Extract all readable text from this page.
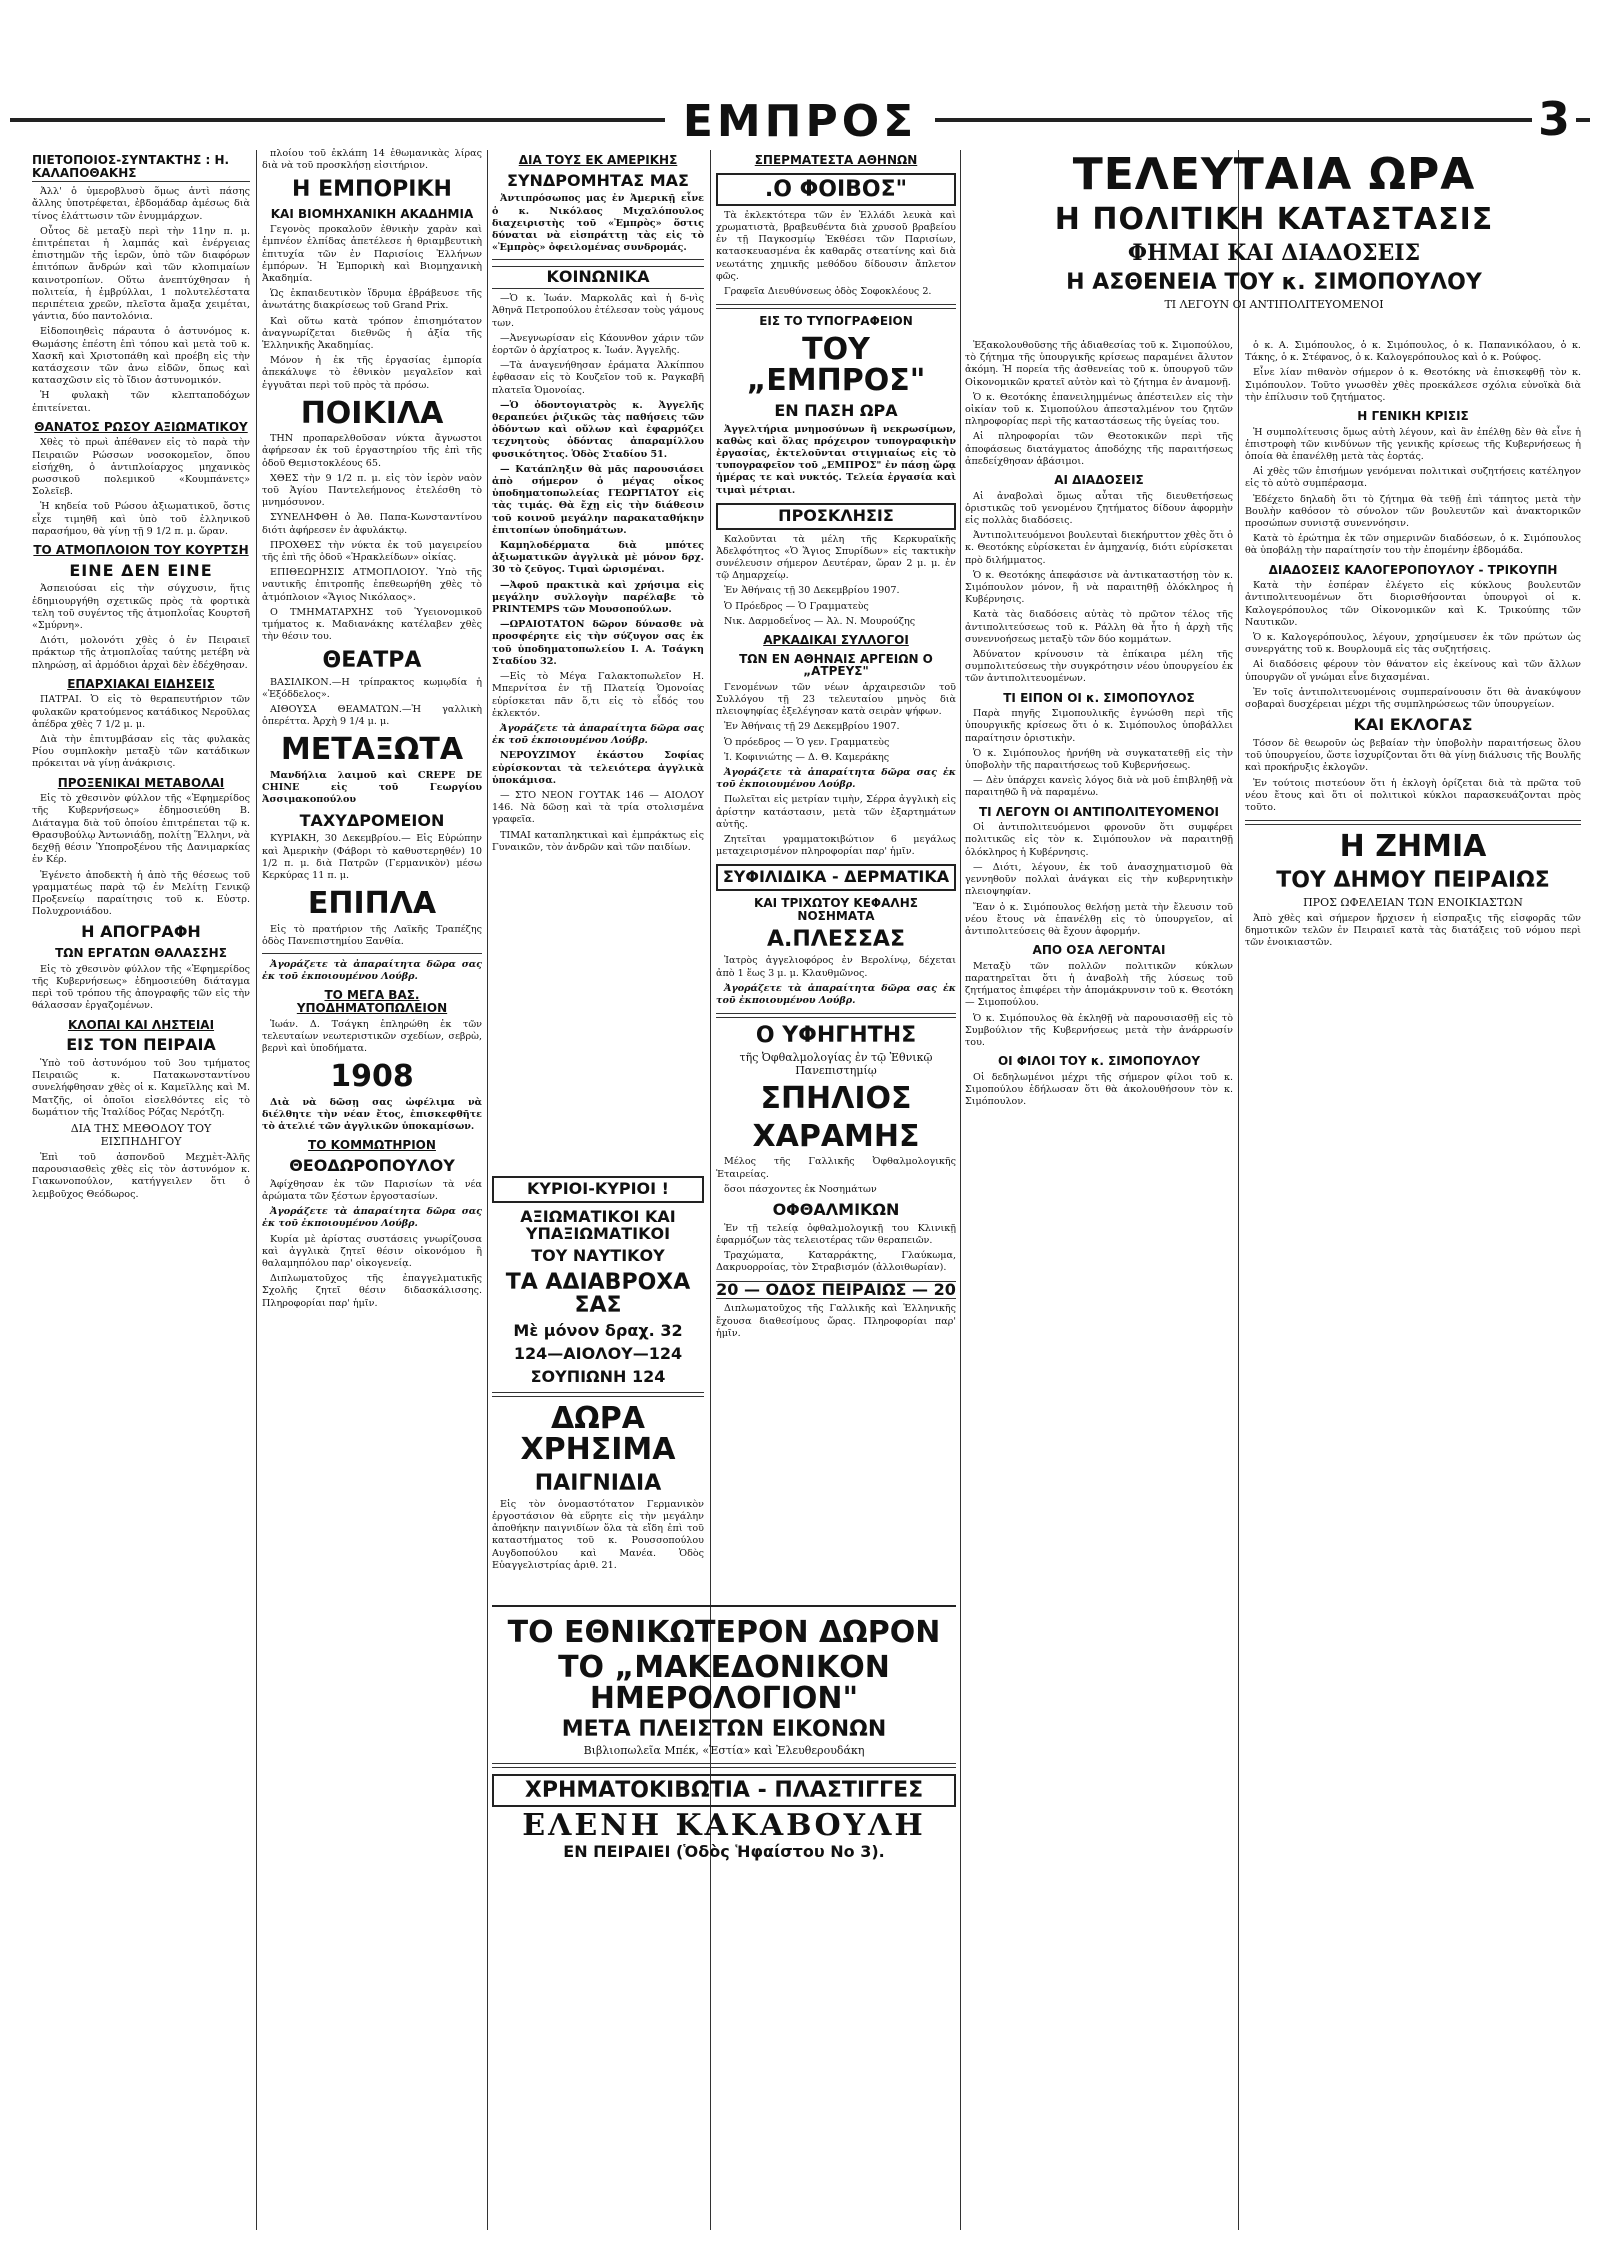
ΕΜΠΡΟΣ	3
ΠΙΕΤΟΠΟΙΟΣ-ΣΥΝΤΑΚΤΗΣ : Η. ΚΑΛΑΠΟΘΑΚΗΣ

Ἀλλ' ὁ ὑμεροβλυσὺ ὅμως ἀντὶ πάσης ἄλλης ὑποτρέφεται, ἐβδομάδαρ ἀμέσως διὰ τίνος ἐλάττωσιν τῶν ἐνυμμάρχων.

Οὗτος δὲ μεταξὺ περὶ τὴν 11ην π. μ. ἐπιτρέπεται ἡ λαμπάς καὶ ἐνέργειας ἐπιστημῶν τῆς ἱερῶν, ὑπὸ τῶν διαφόρων ἐπιτόπων ἄνδρών καὶ τῶν κλοπιμαίων καινοτροπίων. Οὕτω ἀνεπτύχθησαν ἡ πολιτεία, ἡ ἐμβρύλλαι, 1 πολυτελέστατα περιπέτεια χρεῶν, πλεῖστα ἄμαξα χειμέται, γάντια, δύο παντολόνια.

Εἰδοποιηθεὶς πάραυτα ὁ ἀστυνόμος κ. Θωμάσης ἐπέστη ἐπὶ τόπου καὶ μετὰ τοῦ κ. Χασκῆ καὶ Χριστοπάθη καὶ προέβη εἰς τὴν κατάσχεσιν τῶν ἀνω εἰδῶν, ὅπως καὶ κατασχῶσιν εἰς τὸ ἴδιον ἀστυνομικόν.

Ἡ φυλακὴ τῶν κλεπταποδόχων ἐπιτείνεται.

ΘΑΝΑΤΟΣ ΡΩΣΟΥ ΑΞΙΩΜΑΤΙΚΟΥ

Χθὲς τὸ πρωὶ ἀπέθανεν εἰς τὸ παρὰ τὴν Πειραιῶν Ρώσσων νοσοκομεῖον, ὅπου εἰσήχθη, ὁ ἀντιπλοίαρχος μηχανικὸς ρωσσικοῦ πολεμικοῦ «Κουμπάνετς» Σολεῖεβ.

Ἡ κηδεία τοῦ Ρώσου ἀξιωματικοῦ, ὅστις εἶχε τιμηθῆ καὶ ὑπὸ τοῦ ἑλληνικοῦ παρασήμου, θὰ γίνῃ τῇ 9 1/2 π. μ. ὥραν.

ΤΟ ΑΤΜΟΠΛΟΙΟΝ ΤΟΥ ΚΟΥΡΤΣΗ
ΕΙΝΕ ΔΕΝ ΕΙΝΕ

Ἀσπειούσαι εἰς τὴν σύγχυσιν, ἥτις ἐδημιουργήθη σχετικῶς πρὸς τὰ φορτικὰ τελη τοῦ συγέντος τῆς ἀτμοπλοΐας Κουρτσῆ «Σμύρνη».

Διότι, μολονότι χθὲς ὁ ἐν Πειραιεῖ πράκτωρ τῆς ἀτμοπλοΐας ταύτης μετέβη νὰ πληρώσῃ, αἱ ἀρμόδιοι ἀρχαὶ δὲν ἐδέχθησαν.

ΕΠΑΡΧΙΑΚΑΙ ΕΙΔΗΣΕΙΣ

ΠΑΤΡΑΙ. Ὁ εἰς τὸ θεραπευτήριον τῶν φυλακῶν κρατούμενος κατάδικος Νεροῦλας ἀπέδρα χθὲς 7 1/2 μ. μ.

Διὰ τὴν ἐπιτυμβάσαν εἰς τὰς φυλακὰς Ρίου συμπλοκὴν μεταξὺ τῶν κατάδικων πρόκειται νὰ γίνῃ ἀνάκρισις.

ΠΡΟΞΕΝΙΚΑΙ ΜΕΤΑΒΟΛΑΙ

Εἰς τὸ χθεσινὸν φύλλον τῆς «Ἐφημερίδος τῆς Κυβερνήσεως» ἐδημοσιεύθη Β. Διάταγμα διὰ τοῦ ὁποίου ἐπιτρέπεται τῷ κ. Θρασυβούλῳ Ἀντωνιάδῃ, πολίτῃ Ἕλληνι, νὰ δεχθῇ θέσιν Ὑποπροξένου τῆς Δανιμαρκίας ἐν Κέρ.

Ἐγένετο ἀποδεκτὴ ἡ ἀπὸ τῆς θέσεως τοῦ γραμματέως παρὰ τῷ ἐν Μελίτῃ Γενικῷ Προξενείῳ παραίτησις τοῦ κ. Εὐστρ. Πολυχρονιάδου.

Η ΑΠΟΓΡΑΦΗ
ΤΩΝ ΕΡΓΑΤΩΝ ΘΑΛΑΣΣΗΣ

Εἰς τὸ χθεσινὸν φύλλον τῆς «Ἐφημερίδος τῆς Κυβερνήσεως» ἐδημοσιεύθη διάταγμα περὶ τοῦ τρόπου τῆς ἀπογραφῆς τῶν εἰς τὴν θάλασσαν ἐργαζομένων.

ΚΛΟΠΑΙ ΚΑΙ ΛΗΣΤΕΙΑΙ
ΕΙΣ ΤΟΝ ΠΕΙΡΑΙΑ

Ὑπὸ τοῦ ἀστυνόμου τοῦ 3ου τμήματος Πειραιῶς κ. Πατακωνσταντίνου συνελήφθησαν χθὲς οἱ κ. Καμεῖλλης καὶ Μ. Ματζῆς, οἱ ὁποῖοι εἰσελθόντες εἰς τὸ δωμάτιον τῆς Ἰταλίδος Ρόζας Νερότζη.

ΔΙΑ ΤΗΣ ΜΕΘΟΔΟΥ ΤΟΥ ΕΙΣΠΗΔΗΓΟΥ

Ἐπὶ τοῦ ἀσπονδοῦ Μεχμὲτ-Ἀλῆς παρουσιασθεὶς χθὲς εἰς τὸν ἀστυνόμον κ. Γιακωνοπούλον, κατήγγειλεν ὅτι ὁ λεμβοῦχος Θεόδωρος.

πλοίου τοῦ ἐκλάπη 14 ἐθωμανικὰς λίρας διὰ νὰ τοῦ προσκλήσῃ εἰσιτήριον.

Η ΕΜΠΟΡΙΚΗ
ΚΑΙ ΒΙΟΜΗΧΑΝΙΚΗ ΑΚΑΔΗΜΙΑ

Γεγονὸς προκαλοῦν ἐθνικὴν χαρὰν καὶ ἐμπνέον ἐλπίδας ἀπετέλεσε ἡ θριαμβευτικὴ ἐπιτυχία τῶν ἐν Παρισίοις Ἑλλήνων ἐμπόρων. Ἡ Ἐμπορικὴ καὶ Βιομηχανικὴ Ἀκαδημία.

Ὡς ἐκπαιδευτικὸν ἵδρυμα ἐβράβευσε τῆς ἀνωτάτης διακρίσεως τοῦ Grand Prix.

Καὶ οὕτω κατὰ τρόπον ἐπισημότατον ἀναγνωρίζεται διεθνῶς ἡ ἀξία τῆς Ἑλληνικῆς Ἀκαδημίας.

Μόνον ἡ ἐκ τῆς ἐργασίας ἐμπορία ἀπεκάλυψε τὸ ἐθνικὸν μεγαλεῖον καὶ ἐγγυᾶται περὶ τοῦ πρὸς τὰ πρόσω.

ΠΟΙΚΙΛΑ

ΤΗΝ προπαρελθοῦσαν νύκτα ἄγνωστοι ἀφήρεσαν ἐκ τοῦ ἐργαστηρίου τῆς ἐπὶ τῆς ὁδοῦ Θεμιστοκλέους 65.

ΧΘΕΣ τὴν 9 1/2 π. μ. εἰς τὸν ἱερὸν ναὸν τοῦ Ἁγίου Παντελεήμονος ἐτελέσθη τὸ μνημόσυνον.

ΣΥΝΕΛΗΦΘΗ ὁ Ἀθ. Παπα-Κωνσταντίνου διότι ἀφήρεσεν ἐν ἀφυλάκτῳ.

ΠΡΟΧΘΕΣ τὴν νύκτα ἐκ τοῦ μαγειρείου τῆς ἐπὶ τῆς ὁδοῦ «Ἡρακλείδων» οἰκίας.

ΕΠΙΘΕΩΡΗΣΙΣ ΑΤΜΟΠΛΟΙΟΥ. Ὑπὸ τῆς ναυτικῆς ἐπιτροπῆς ἐπεθεωρήθη χθὲς τὸ ἀτμόπλοιον «Ἅγιος Νικόλαος».

Ο ΤΜΗΜΑΤΑΡΧΗΣ τοῦ Ὑγειονομικοῦ τμήματος κ. Μαδιανάκης κατέλαβεν χθὲς τὴν θέσιν του.

ΘΕΑΤΡΑ

ΒΑΣΙΛΙΚΟΝ.—Η τρίπρακτος κωμῳδία ἡ «Ἐξόδδελος».

ΑΙΘΟΥΣΑ ΘΕΑΜΑΤΩΝ.—Ἡ γαλλικὴ ὀπερέττα. Ἀρχὴ 9 1/4 μ. μ.

ΜΕΤΑΞΩΤΑ

Μανδήλια λαιμοῦ καὶ CREPE DE CHINE εἰς τοῦ Γεωργίου Ἀσσιμακοπούλου

ΤΑΧΥΔΡΟΜΕΙΟΝ

ΚΥΡΙΑΚΗ, 30 Δεκεμβρίου.— Εἰς Εὐρώπην καὶ Ἀμερικὴν (Φάβορι τὸ καθυστερηθέν) 10 1/2 π. μ. διὰ Πατρῶν (Γερμανικὸν) μέσω Κερκύρας 11 π. μ.

ΕΠΙΠΛΑ

Εἰς τὸ πρατήριον τῆς Λαϊκῆς Τραπέζης ὁδὸς Πανεπιστημίου Ξανθία.

Ἀγοράζετε τὰ ἀπαραίτητα δῶρα σας ἐκ τοῦ ἐκποιουμένου Λούβρ.

ΤΟ ΜΕΓΑ ΒΑΣ. ΥΠΟΔΗΜΑΤΟΠΩΛΕΙΟΝ

Ἰωάν. Δ. Τσάγκη ἐπληρώθη ἐκ τῶν τελευταίων νεωτεριστικῶν σχεδίων, σεβρὼ, βερνὶ καὶ ὑποδήματα.

1908

Διὰ νὰ δῶσῃ σας ὠφέλιμα νὰ διέλθητε τὴν νέαν ἔτος, ἐπισκεφθῆτε τὸ ἀτελιέ τῶν ἀγγλικῶν ὑποκαμίσων.

ΤΟ ΚΟΜΜΩΤΗΡΙΟΝ
ΘΕΟΔΩΡΟΠΟΥΛΟΥ

Ἀφίχθησαν ἐκ τῶν Παρισίων τὰ νέα ἀρώματα τῶν ξέστων ἐργοστασίων.

Ἀγοράζετε τὰ ἀπαραίτητα δῶρα σας ἐκ τοῦ ἐκποιουμένου Λούβρ.

Κυρία μὲ ἀρίστας συστάσεις γνωρίζουσα καὶ ἀγγλικὰ ζητεῖ θέσιν οἰκονόμου ἢ θαλαμηπόλου παρ' οἰκογενείᾳ.

Διπλωματοῦχος τῆς ἐπαγγελματικῆς Σχολῆς ζητεῖ θέσιν διδασκάλισσης. Πληροφορίαι παρ' ἡμῖν.

ΔΙΑ ΤΟΥΣ ΕΚ ΑΜΕΡΙΚΗΣ
ΣΥΝΔΡΟΜΗΤΑΣ ΜΑΣ

Ἀντιπρόσωπος μας ἐν Ἀμερικῇ εἶνε ὁ κ. Νικόλαος Μιχαλόπουλος διαχειριστὴς τοῦ «Ἐμπρὸς» ὅστις δύναται νὰ εἰσπράττῃ τὰς εἰς τὸ «Ἐμπρὸς» ὀφειλομένας συνδρομάς.

ΚΟΙΝΩΝΙΚΑ

—Ὁ κ. Ἰωάν. Μαρκολᾶς καὶ ἡ δ-νὶς Ἀθηνᾶ Πετροπούλου ἐτέλεσαν τοὺς γάμους των.

—Ἀνεγνωρίσαν εἰς Κάουνθον χάριν τῶν ἑορτῶν ὁ ἀρχίατρος κ. Ἰωάν. Ἀγγελῆς.

—Τὰ ἀναγενήθησαν ἐράματα Ἀλκίππου ἐφθασαν εἰς τὸ Κουζεῖον τοῦ κ. Ραγκαβῆ πλατεῖα Ὁμονοίας.

—Ὁ ὀδοντογιατρὸς κ. Ἀγγελῆς θεραπεύει ῥιζικῶς τὰς παθήσεις τῶν ὀδόντων καὶ οὔλων καὶ ἐφαρμόζει τεχνητοὺς ὀδόντας ἀπαραμίλλου φυσικότητος. Ὁδὸς Σταδίου 51.

— Κατάπληξιν θὰ μᾶς παρουσιάσει ἀπὸ σήμερον ὁ μέγας οἶκος ὑποδηματοπωλείας ΓΕΩΡΓΙΑΤΟΥ εἰς τὰς τιμάς. Θὰ ἔχῃ εἰς τὴν διάθεσιν τοῦ κοινοῦ μεγάλην παρακαταθήκην ἐπιτοπίων ὑποδημάτων.

Καμηλοδέρματα διὰ μπότες ἀξιωματικῶν ἀγγλικὰ μὲ μόνον δρχ. 30 τὸ ζεῦγος. Τιμαὶ ὡρισμέναι.

—Ἀφοῦ πρακτικὰ καὶ χρήσιμα εἰς μεγάλην συλλογὴν παρέλαβε τὸ PRINTEMPS τῶν Μουσοπούλων.

—ΩΡΑΙΟΤΑΤΟΝ δῶρον δύνασθε νὰ προσφέρητε εἰς τὴν σύζυγον σας ἐκ τοῦ ὑποδηματοπωλείου Ι. Α. Τσάγκη Σταδίου 32.

—Εἰς τὸ Μέγα Γαλακτοπωλεῖον Η. Μπερνίτσα ἐν τῇ Πλατείᾳ Ὁμονοίας εὑρίσκεται πᾶν ὅ,τι εἰς τὸ εἶδός του ἐκλεκτόν.

Ἀγοράζετε τὰ ἀπαραίτητα δῶρα σας ἐκ τοῦ ἐκποιουμένου Λούβρ.

ΝΕΡΟΥΖΙΜΟΥ ἑκάστου Σοφίας εὐρίσκονται τὰ τελειότερα ἀγγλικὰ ὑποκάμισα.

— ΣΤΟ ΝΕΟΝ ΓΟΥΤΑΚ 146 — ΑΙΟΛΟΥ 146. Νὰ δῶσῃ καὶ τὰ τρία στολισμένα γραφεῖα.

ΤΙΜΑΙ καταπληκτικαὶ καὶ ἐμπράκτως εἰς Γυναικῶν, τὸν ἀνδρῶν καὶ τῶν παιδίων.

ΚΥΡΙΟΙ-ΚΥΡΙΟΙ !
ΑΞΙΩΜΑΤΙΚΟΙ ΚΑΙ ΥΠΑΞΙΩΜΑΤΙΚΟΙ
ΤΟΥ ΝΑΥΤΙΚΟΥ
ΤΑ ΑΔΙΑΒΡΟΧΑ ΣΑΣ
Μὲ μόνον δραχ. 32
124—ΑΙΟΛΟΥ—124
ΣΟΥΠΙΩΝΗ 124
ΔΩΡΑ ΧΡΗΣΙΜΑ
ΠΑΙΓΝΙΔΙΑ

Εἰς τὸν ὀνομαστότατον Γερμανικὸν ἐργοστάσιον θὰ εὕρητε εἰς τὴν μεγάλην ἀποθήκην παιγνιδίων ὅλα τὰ εἴδη ἐπὶ τοῦ καταστήματος τοῦ κ. Ρουσσοπούλου Αυγδοπούλου καὶ Μανέα. Ὁδὸς Εὐαγγελιστρίας ἀριθ. 21.

ΣΠΕΡΜΑΤΕΣΤΑ ΑΘΗΝΩΝ
.Ο ΦΟΙΒΟΣ"

Τὰ ἐκλεκτότερα τῶν ἐν Ἑλλάδι λευκὰ καὶ χρωματιστὰ, βραβευθέντα διὰ χρυσοῦ βραβείου ἐν τῇ Παγκοσμίῳ Ἐκθέσει τῶν Παρισίων, κατασκευασμένα ἐκ καθαρᾶς στεατίνης καὶ διὰ νεωτάτης χημικῆς μεθόδου δίδουσιν ἄπλετον φῶς.

Γραφεῖα Διευθύνσεως ὁδὸς Σοφοκλέους 2.

ΕΙΣ ΤΟ ΤΥΠΟΓΡΑΦΕΙΟΝ
ΤΟΥ „ΕΜΠΡΟΣ"
ΕΝ ΠΑΣΗ ΩΡΑ

Ἀγγελτήρια μνημοσύνων ἢ νεκρωσίμων, καθὼς καὶ ὅλας πρόχειρον τυπογραφικὴν ἐργασίας, ἐκτελοῦνται στιγμιαίως εἰς τὸ τυπογραφεῖον τοῦ „ΕΜΠΡΟΣ" ἐν πάσῃ ὥρᾳ ἡμέρας τε καὶ νυκτός. Τελεία ἐργασία καὶ τιμαὶ μέτριαι.

ΠΡΟΣΚΛΗΣΙΣ

Καλοῦνται τὰ μέλη τῆς Κερκυραϊκῆς Ἀδελφότητος «Ὁ Ἅγιος Σπυρίδων» εἰς τακτικὴν συνέλευσιν σήμερον Δευτέραν, ὥραν 2 μ. μ. ἐν τῷ Δημαρχείῳ.

Ἐν Ἀθήναις τῇ 30 Δεκεμβρίου 1907.

Ὁ Πρόεδρος — Ὁ Γραμματεὺς

Νικ. Δαρμοδεΐνος — Ἀλ. Ν. Μουρούζης

ΑΡΚΑΔΙΚΑΙ ΣΥΛΛΟΓΟΙ
ΤΩΝ ΕΝ ΑΘΗΝΑΙΣ ΑΡΓΕΙΩΝ Ο „ΑΤΡΕΥΣ"

Γενομένων τῶν νέων ἀρχαιρεσιῶν τοῦ Συλλόγου τῇ 23 τελευταίου μηνὸς διὰ πλειοψηφίας ἐξελέγησαν κατὰ σειρὰν ψήφων.

Ἐν Ἀθήναις τῇ 29 Δεκεμβρίου 1907.

Ὁ πρόεδρος — Ὁ γεν. Γραμματεὺς

Ἰ. Κοφινιώτης — Δ. Θ. Καμεράκης

Ἀγοράζετε τὰ ἀπαραίτητα δῶρα σας ἐκ τοῦ ἐκποιουμένου Λούβρ.

Πωλεῖται εἰς μετρίαν τιμὴν, Σέρρα ἀγγλικὴ εἰς ἀρίστην κατάστασιν, μετὰ τῶν ἐξαρτημάτων αὐτῆς.

Ζητεῖται γραμματοκιβώτιον 6 μεγάλως μεταχειρισμένον πληροφορίαι παρ' ἡμῖν.

ΣΥΦΙΛΙΔΙΚΑ - ΔΕΡΜΑΤΙΚΑ
ΚΑΙ ΤΡΙΧΩΤΟΥ ΚΕΦΑΛΗΣ ΝΟΣΗΜΑΤΑ
Α.ΠΛΕΣΣΑΣ

Ἰατρὸς ἀγγελιοφόρος ἐν Βερολίνῳ, δέχεται ἀπὸ 1 ἕως 3 μ. μ. Κλαυθμῶνος.

Ἀγοράζετε τὰ ἀπαραίτητα δῶρα σας ἐκ τοῦ ἐκποιουμένου Λούβρ.

Ο ΥΦΗΓΗΤΗΣ
τῆς Ὀφθαλμολογίας ἐν τῷ Ἐθνικῷ Πανεπιστημίῳ
ΣΠΗΛΙΟΣ
ΧΑΡΑΜΗΣ

Μέλος τῆς Γαλλικῆς Ὀφθαλμολογικῆς Ἑταιρείας.

ὅσοι πάσχοντες ἐκ Νοσημάτων

ΟΦΘΑΛΜΙΚΩΝ

Ἐν τῇ τελείᾳ ὀφθαλμολογικῇ του Κλινικῇ ἐφαρμόζων τὰς τελειοτέρας τῶν θεραπειῶν.

Τραχώματα, Καταρράκτης, Γλαύκωμα, Δακρυορροίας, τὸν Στραβισμόν (ἀλλοιθωρίαν).

20 — ΟΔΟΣ ΠΕΙΡΑΙΩΣ — 20

Διπλωματοῦχος τῆς Γαλλικῆς καὶ Ἑλληνικῆς ἔχουσα διαθεσίμους ὥρας. Πληροφορίαι παρ' ἡμῖν.

ΤΟ ΕΘΝΙΚΩΤΕΡΟΝ ΔΩΡΟΝ
ΤΟ „ΜΑΚΕΔΟΝΙΚΟΝ ΗΜΕΡΟΛΟΓΙΟΝ"
ΜΕΤΑ ΠΛΕΙΣΤΩΝ ΕΙΚΟΝΩΝ
Βιβλιοπωλεῖα Μπέκ, «Ἑστία» καὶ Ἐλευθερουδάκη
ΧΡΗΜΑΤΟΚΙΒΩΤΙΑ - ΠΛΑΣΤΙΓΓΕΣ
ΕΛΕΝΗ ΚΑΚΑΒΟΥΛΗ
ΕΝ ΠΕΙΡΑΙΕΙ (Ὁδὸς Ἡφαίστου Νο 3).

Ἐξακολουθοῦσης τῆς ἀδιαθεσίας τοῦ κ. Σιμοπούλου, τὸ ζήτημα τῆς ὑπουργικῆς κρίσεως παραμένει ἄλυτον ἀκόμη. Ἡ πορεία τῆς ἀσθενείας τοῦ κ. ὑπουργοῦ τῶν Οἰκονομικῶν κρατεῖ αὐτὸν καὶ τὸ ζήτημα ἐν ἀναμονῇ.

Ὁ κ. Θεοτόκης ἐπανειλημμένως ἀπέστειλεν εἰς τὴν οἰκίαν τοῦ κ. Σιμοπούλου ἀπεσταλμένον του ζητῶν πληροφορίας περὶ τῆς καταστάσεως τῆς ὑγείας του.

Αἱ πληροφορίαι τῶν Θεοτοκικῶν περὶ τῆς ἀποφάσεως διατάγματος ἀποδόχης τῆς παραιτήσεως ἀπεδείχθησαν ἀβάσιμοι.

ΑΙ ΔΙΑΔΟΣΕΙΣ

Αἱ ἀναβολαὶ ὅμως αὗται τῆς διευθετήσεως ὁριστικῶς τοῦ γενομένου ζητήματος δίδουν ἀφορμὴν εἰς πολλὰς διαδόσεις.

Ἀντιπολιτευόμενοι βουλευταὶ διεκήρυττον χθὲς ὅτι ὁ κ. Θεοτόκης εὑρίσκεται ἐν ἀμηχανίᾳ, διότι εὑρίσκεται πρὸ διλήμματος.

Ὁ κ. Θεοτόκης ἀπεφάσισε νὰ ἀντικαταστήσῃ τὸν κ. Σιμόπουλον μόνον, ἢ νὰ παραιτηθῇ ὁλόκληρος ἡ Κυβέρνησις.

Κατὰ τὰς διαδόσεις αὐτὰς τὸ πρῶτον τέλος τῆς ἀντιπολιτεύσεως τοῦ κ. Ράλλη θὰ ἦτο ἡ ἀρχὴ τῆς συνεννοήσεως μεταξὺ τῶν δύο κομμάτων.

Ἀδύνατον κρίνουσιν τὰ ἐπίκαιρα μέλη τῆς συμπολιτεύσεως τὴν συγκρότησιν νέου ὑπουργείου ἐκ τῶν ἀντιπολιτευομένων.

ΤΙ ΕΙΠΟΝ ΟΙ κ. ΣΙΜΟΠΟΥΛΟΣ

Παρὰ πηγῆς Σιμοπουλικῆς ἐγνώσθη περὶ τῆς ὑπουργικῆς κρίσεως ὅτι ὁ κ. Σιμόπουλος ὑποβάλλει παραίτησιν ὀριστικὴν.

Ὁ κ. Σιμόπουλος ἠρνήθη νὰ συγκατατεθῇ εἰς τὴν ὑποβολὴν τῆς παραιτήσεως τοῦ Κυβερνήσεως.

— Δὲν ὑπάρχει κανεὶς λόγος διὰ νὰ μοῦ ἐπιβληθῇ νὰ παραιτηθῶ ἢ νὰ παραμένω.

ΤΙ ΛΕΓΟΥΝ ΟΙ ΑΝΤΙΠΟΛΙΤΕΥΟΜΕΝΟΙ

Οἱ ἀντιπολιτευόμενοι φρονοῦν ὅτι συμφέρει πολιτικῶς εἰς τὸν κ. Σιμόπουλον νὰ παραιτηθῇ ὁλόκληρος ἡ Κυβέρνησις.

— Διότι, λέγουν, ἐκ τοῦ ἀνασχηματισμοῦ θὰ γεννηθοῦν πολλαὶ ἀνάγκαι εἰς τὴν κυβερνητικὴν πλειοψηφίαν.

Ἔαν ὁ κ. Σιμόπουλος θελήσῃ μετὰ τὴν ἔλευσιν τοῦ νέου ἔτους νὰ ἐπανέλθῃ εἰς τὸ ὑπουργεῖον, αἱ ἀντιπολιτεύσεις θὰ ἔχουν ἀφορμήν.

ΑΠΟ ΟΣΑ ΛΕΓΟΝΤΑΙ

Μεταξὺ τῶν πολλῶν πολιτικῶν κύκλων παρατηρεῖται ὅτι ἡ ἀναβολὴ τῆς λύσεως τοῦ ζητήματος ἐπιφέρει τὴν ἀπομάκρυνσιν τοῦ κ. Θεοτόκη — Σιμοπούλου.

Ὁ κ. Σιμόπουλος θὰ ἐκληθῇ νὰ παρουσιασθῇ εἰς τὸ Συμβούλιον τῆς Κυβερνήσεως μετὰ τὴν ἀνάρρωσίν του.

ΟΙ ΦΙΛΟΙ ΤΟΥ κ. ΣΙΜΟΠΟΥΛΟΥ

Οἱ δεδηλωμένοι μέχρι τῆς σήμερον φίλοι τοῦ κ. Σιμοπούλου ἐδήλωσαν ὅτι θὰ ἀκολουθήσουν τὸν κ. Σιμόπουλον.

ΤΕΛΕΥΤΑΙΑ ΩΡΑ
Η ΠΟΛΙΤΙΚΗ ΚΑΤΑΣΤΑΣΙΣ
ΦΗΜΑΙ ΚΑΙ ΔΙΑΔΟΣΕΙΣ
Η ΑΣΘΕΝΕΙΑ ΤΟΥ κ. ΣΙΜΟΠΟΥΛΟΥ
ΤΙ ΛΕΓΟΥΝ ΟΙ ΑΝΤΙΠΟΛΙΤΕΥΟΜΕΝΟΙ

ὁ κ. Α. Σιμόπουλος, ὁ κ. Σιμόπουλος, ὁ κ. Παπανικόλαου, ὁ κ. Τάκης, ὁ κ. Στέφανος, ὁ κ. Καλογερόπουλος καὶ ὁ κ. Ρούφος.

Εἶνε λίαν πιθανὸν σήμερον ὁ κ. Θεοτόκης νὰ ἐπισκεφθῇ τὸν κ. Σιμόπουλον. Τοῦτο γνωσθὲν χθὲς προεκάλεσε σχόλια εὐνοϊκὰ διὰ τὴν ἐπίλυσιν τοῦ ζητήματος.

Η ΓΕΝΙΚΗ ΚΡΙΣΙΣ

Ἡ συμπολίτευσις ὅμως αὐτὴ λέγουν, καὶ ἂν ἐπέλθῃ δὲν θὰ εἶνε ἡ ἐπιστροφὴ τῶν κινδύνων τῆς γενικῆς κρίσεως τῆς Κυβερνήσεως ἡ ὁποία θὰ ἐπανέλθῃ μετὰ τὰς ἑορτάς.

Αἱ χθὲς τῶν ἐπισήμων γενόμεναι πολιτικαὶ συζητήσεις κατέληγον εἰς τὸ αὐτὸ συμπέρασμα.

Ἐδέχετο δηλαδὴ ὅτι τὸ ζήτημα θὰ τεθῇ ἐπὶ τάπητος μετὰ τὴν Βουλὴν καθόσον τὸ σύνολον τῶν βουλευτῶν καὶ ἀνακτορικῶν προσώπων συνιστᾷ συνεννόησιν.

Κατὰ τὸ ἐρώτημα ἐκ τῶν σημερινῶν διαδόσεων, ὁ κ. Σιμόπουλος θὰ ὑποβάλῃ τὴν παραίτησίν του τὴν ἐπομένην ἑβδομάδα.

ΔΙΑΔΟΣΕΙΣ ΚΑΛΟΓΕΡΟΠΟΥΛΟΥ - ΤΡΙΚΟΥΠΗ

Κατὰ τὴν ἑσπέραν ἐλέγετο εἰς κύκλους βουλευτῶν ἀντιπολιτευομένων ὅτι διορισθήσονται ὑπουργοὶ οἱ κ. Καλογερόπουλος τῶν Οἰκονομικῶν καὶ Κ. Τρικούπης τῶν Ναυτικῶν.

Ὁ κ. Καλογερόπουλος, λέγουν, χρησίμευσεν ἐκ τῶν πρώτων ὡς συνεργάτης τοῦ κ. Βουρλουμᾶ εἰς τὰς συζητήσεις.

Αἱ διαδόσεις φέρουν τὸν θάνατον εἰς ἐκείνους καὶ τῶν ἄλλων ὑπουργῶν οἵ γνώμαι εἶνε διχασμέναι.

Ἐν τοῖς ἀντιπολιτευομένοις συμπεραίνουσιν ὅτι θὰ ἀνακύψουν σοβαραὶ δυσχέρειαι μέχρι τῆς συμπληρώσεως τῶν ὑπουργείων.

ΚΑΙ ΕΚΛΟΓΑΣ

Τόσον δὲ θεωροῦν ὡς βεβαίαν τὴν ὑποβολὴν παραιτήσεως ὅλου τοῦ ὑπουργείου, ὥστε ἰσχυρίζονται ὅτι θὰ γίνῃ διάλυσις τῆς Βουλῆς καὶ προκήρυξις ἐκλογῶν.

Ἐν τούτοις πιστεύουν ὅτι ἡ ἐκλογὴ ὁρίζεται διὰ τὰ πρῶτα τοῦ νέου ἔτους καὶ ὅτι οἱ πολιτικοὶ κύκλοι παρασκευάζονται πρὸς τοῦτο.

Η ΖΗΜΙΑ
ΤΟΥ ΔΗΜΟΥ ΠΕΙΡΑΙΩΣ
ΠΡΟΣ ΩΦΕΛΕΙΑΝ ΤΩΝ ΕΝΟΙΚΙΑΣΤΩΝ

Ἀπὸ χθὲς καὶ σήμερον ἤρχισεν ἡ εἰσπραξις τῆς εἰσφορᾶς τῶν δημοτικῶν τελῶν ἐν Πειραιεῖ κατὰ τὰς διατάξεις τοῦ νόμου περὶ τῶν ἐνοικιαστῶν.
